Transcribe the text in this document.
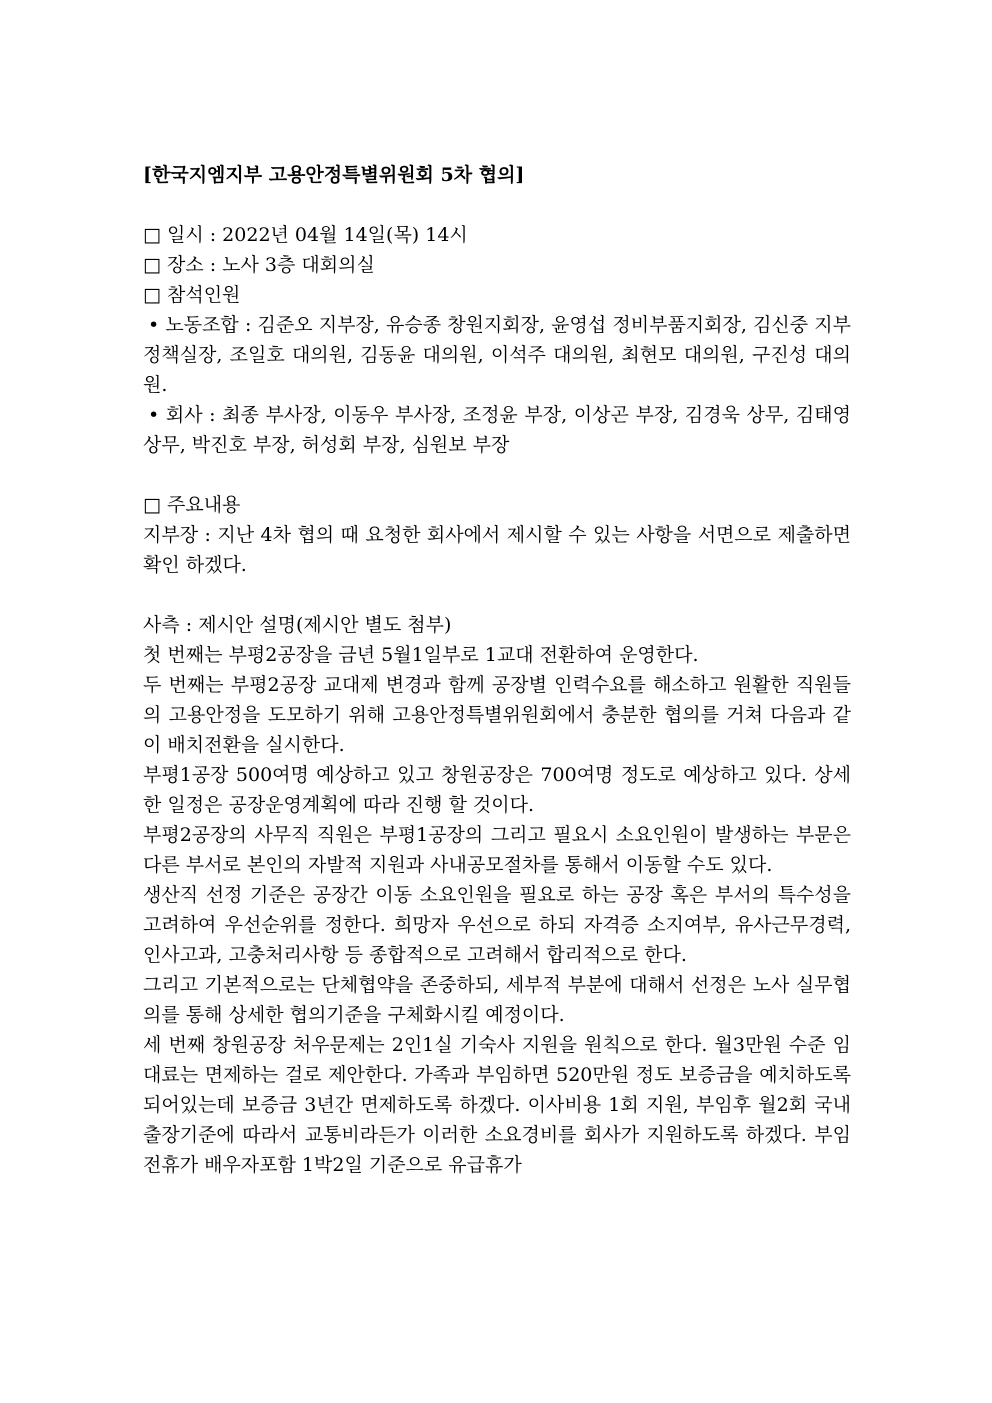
[한국지엠지부 고용안정특별위원회 5차 협의]

□ 일시 : 2022년 04월 14일(목) 14시

□ 장소 : 노사 3층 대회의실

□ 참석인원

• 노동조합 : 김준오 지부장, 유승종 창원지회장, 윤영섭 정비부품지회장, 김신중 지부정책실장, 조일호 대의원, 김동윤 대의원, 이석주 대의원, 최현모 대의원, 구진성 대의원.

• 회사 : 최종 부사장, 이동우 부사장, 조정윤 부장, 이상곤 부장, 김경욱 상무, 김태영 상무, 박진호 부장, 허성회 부장, 심원보 부장

□ 주요내용

지부장 : 지난 4차 협의 때 요청한 회사에서 제시할 수 있는 사항을 서면으로 제출하면 확인 하겠다.

사측 : 제시안 설명(제시안 별도 첨부)

첫 번째는 부평2공장을 금년 5월1일부로 1교대 전환하여 운영한다.

두 번째는 부평2공장 교대제 변경과 함께 공장별 인력수요를 해소하고 원활한 직원들의 고용안정을 도모하기 위해 고용안정특별위원회에서 충분한 협의를 거쳐 다음과 같이 배치전환을 실시한다.

부평1공장 500여명 예상하고 있고 창원공장은 700여명 정도로 예상하고 있다. 상세한 일정은 공장운영계획에 따라 진행 할 것이다.

부평2공장의 사무직 직원은 부평1공장의 그리고 필요시 소요인원이 발생하는 부문은 다른 부서로 본인의 자발적 지원과 사내공모절차를 통해서 이동할 수도 있다.

생산직 선정 기준은 공장간 이동 소요인원을 필요로 하는 공장 혹은 부서의 특수성을 고려하여 우선순위를 정한다. 희망자 우선으로 하되 자격증 소지여부, 유사근무경력, 인사고과, 고충처리사항 등 종합적으로 고려해서 합리적으로 한다.

그리고 기본적으로는 단체협약을 존중하되, 세부적 부분에 대해서 선정은 노사 실무협의를 통해 상세한 협의기준을 구체화시킬 예정이다.

세 번째 창원공장 처우문제는 2인1실 기숙사 지원을 원칙으로 한다. 월3만원 수준 임대료는 면제하는 걸로 제안한다. 가족과 부임하면 520만원 정도 보증금을 예치하도록 되어있는데 보증금 3년간 면제하도록 하겠다. 이사비용 1회 지원, 부임후 월2회 국내출장기준에 따라서 교통비라든가 이러한 소요경비를 회사가 지원하도록 하겠다. 부임전휴가 배우자포함 1박2일 기준으로 유급휴가
